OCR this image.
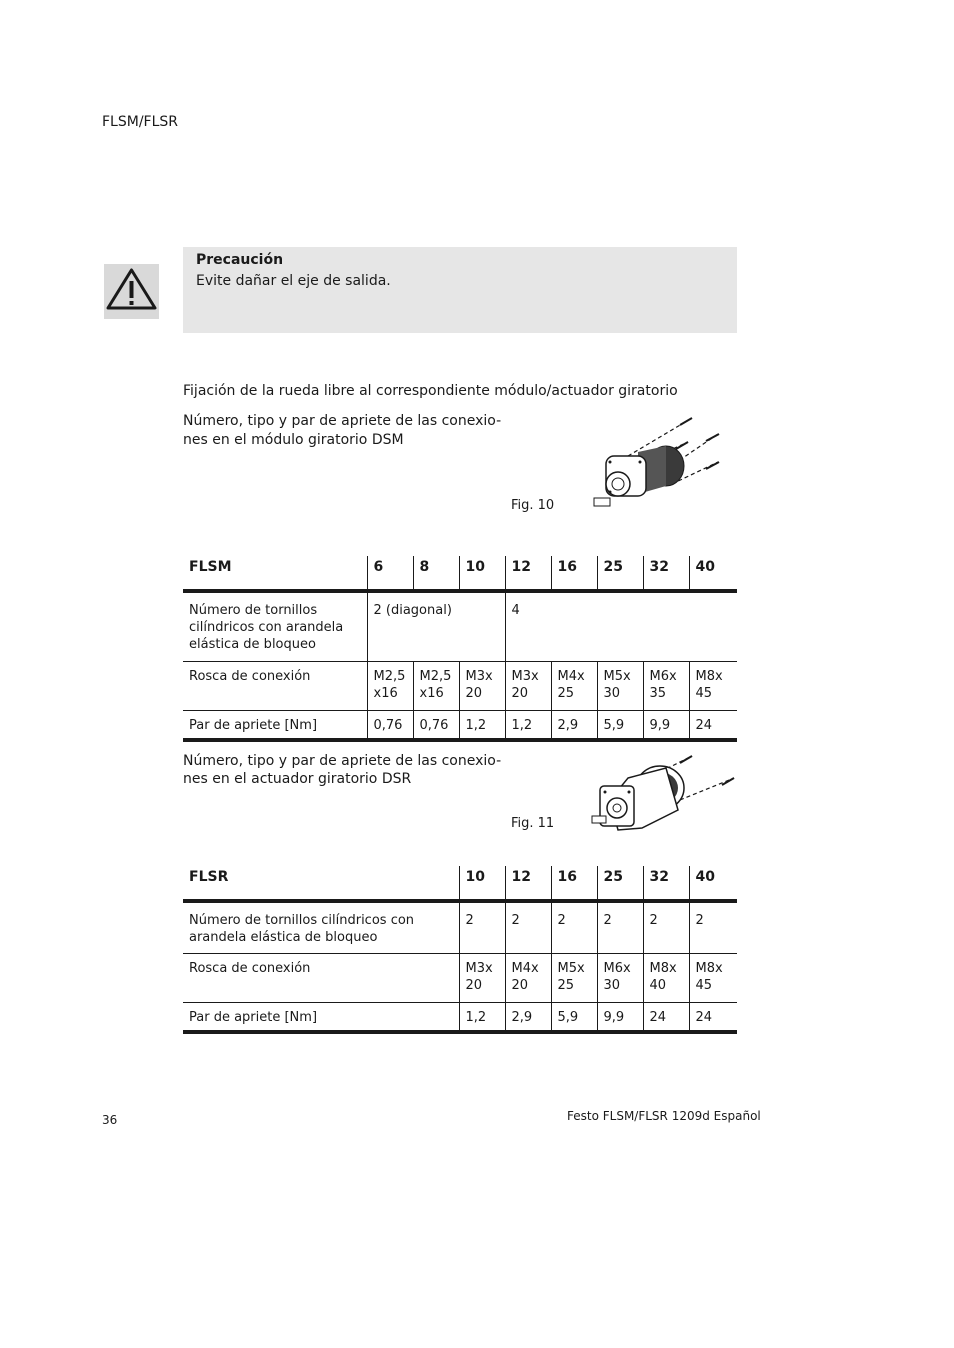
FLSM/FLSR
Precaución
Evite dañar el eje de salida.
Fijación de la rueda libre al correspondiente módulo/actuador giratorio
Número, tipo y par de apriete de las conexio-
nes en el módulo giratorio DSM
Fig. 10
FLSM	6	8	10	12	16	25	32	40
Número de tornillos cilíndricos con arandela elástica de bloqueo	2 (diagonal)			4				
Rosca de conexión	M2,5 x16	M2,5 x16	M3x 20	M3x 20	M4x 25	M5x 30	M6x 35	M8x 45
Par de apriete [Nm]	0,76	0,76	1,2	1,2	2,9	5,9	9,9	24
Número, tipo y par de apriete de las conexio-
nes en el actuador giratorio DSR
Fig. 11
FLSR	10	12	16	25	32	40
Número de tornillos cilíndricos con arandela elástica de bloqueo	2	2	2	2	2	2
Rosca de conexión	M3x 20	M4x 20	M5x 25	M6x 30	M8x 40	M8x 45
Par de apriete [Nm]	1,2	2,9	5,9	9,9	24	24
36	Festo FLSM/FLSR 1209d Español
